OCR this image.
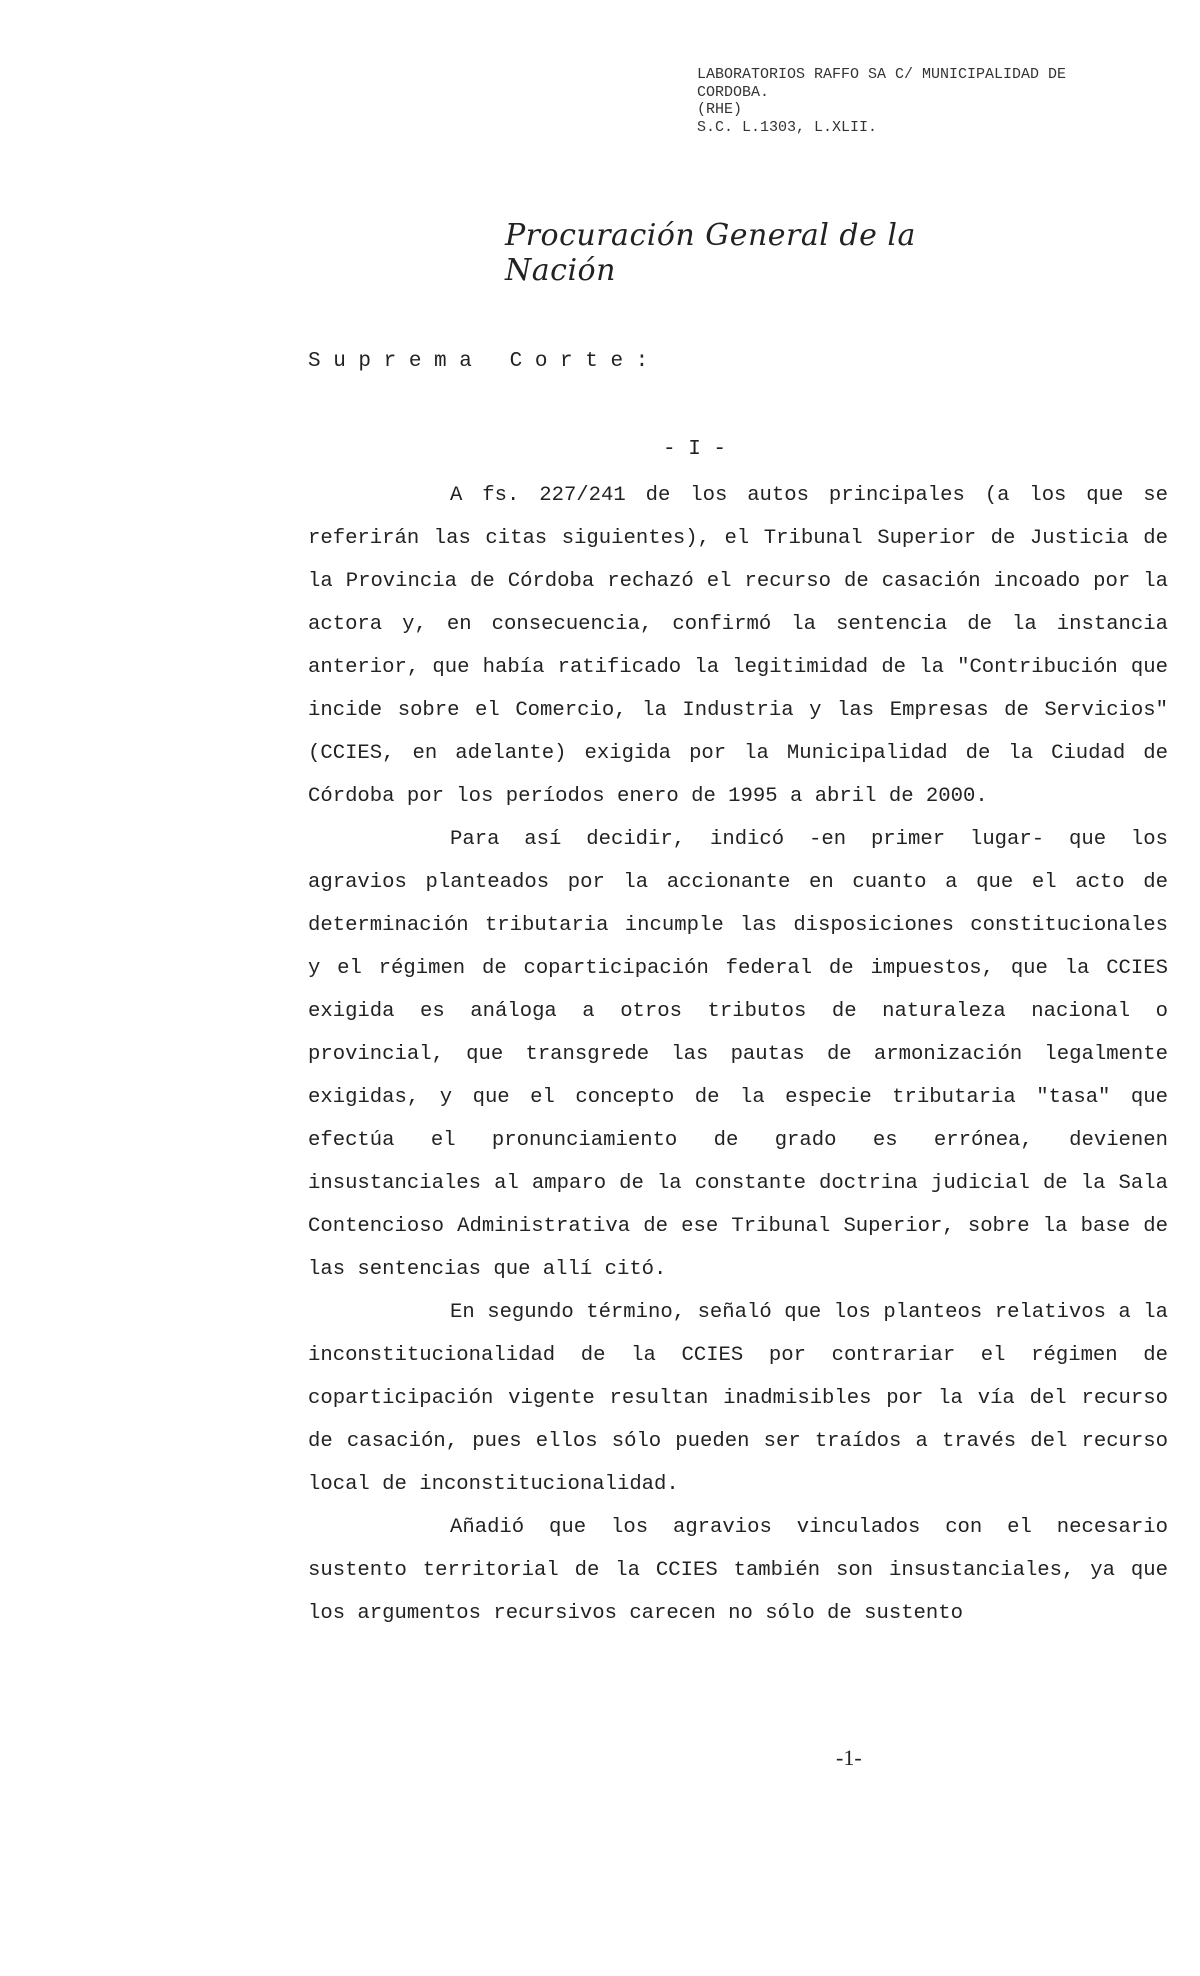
LABORATORIOS RAFFO SA C/ MUNICIPALIDAD DE
CORDOBA.
(RHE)
S.C. L.1303, L.XLII.
Procuración General de la Nación
S u p r e m a   C o r t e :
- I -

A fs. 227/241 de los autos principales (a los que se referirán las citas siguientes), el Tribunal Superior de Justicia de la Provincia de Córdoba rechazó el recurso de casación incoado por la actora y, en consecuencia, confirmó la sentencia de la instancia anterior, que había ratificado la legitimidad de la "Contribución que incide sobre el Comercio, la Industria y las Empresas de Servicios" (CCIES, en adelante) exigida por la Municipalidad de la Ciudad de Córdoba por los períodos enero de 1995 a abril de 2000.

Para así decidir, indicó -en primer lugar- que los agravios planteados por la accionante en cuanto a que el acto de determinación tributaria incumple las disposiciones constitucionales y el régimen de coparticipación federal de impuestos, que la CCIES exigida es análoga a otros tributos de naturaleza nacional o provincial, que transgrede las pautas de armonización legalmente exigidas, y que el concepto de la especie tributaria "tasa" que efectúa el pronunciamiento de grado es errónea, devienen insustanciales al amparo de la constante doctrina judicial de la Sala Contencioso Administrativa de ese Tribunal Superior, sobre la base de las sentencias que allí citó.

En segundo término, señaló que los planteos relativos a la inconstitucionalidad de la CCIES por contrariar el régimen de coparticipación vigente resultan inadmisibles por la vía del recurso de casación, pues ellos sólo pueden ser traídos a través del recurso local de inconstitucionalidad.

Añadió que los agravios vinculados con el necesario sustento territorial de la CCIES también son insustanciales, ya que los argumentos recursivos carecen no sólo de sustento

-1-
